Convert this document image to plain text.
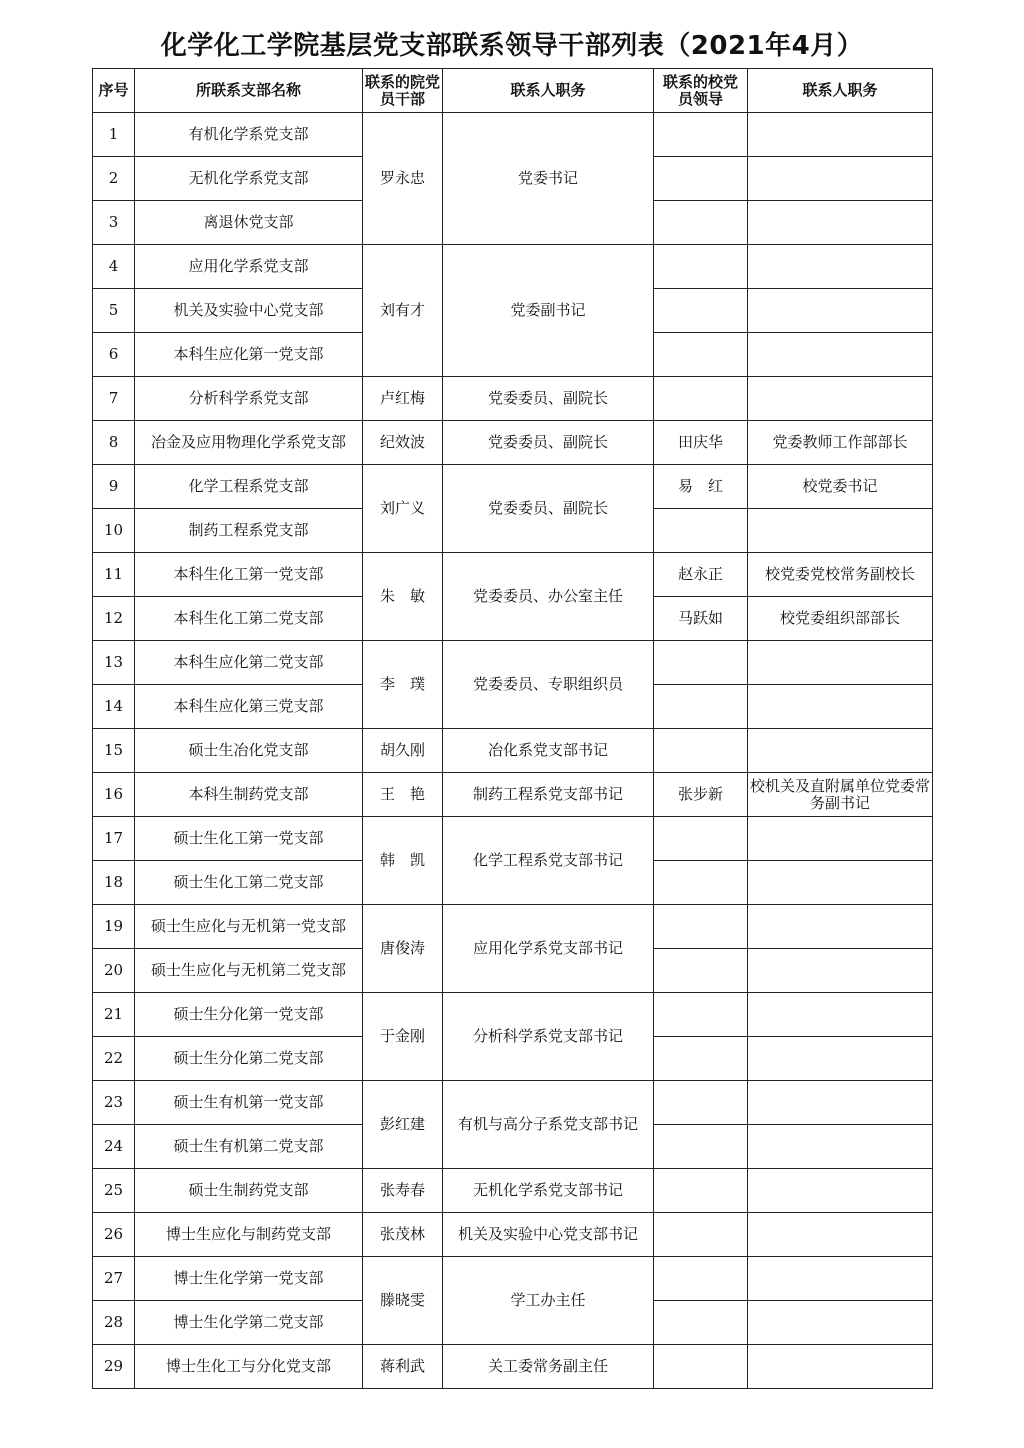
化学化工学院基层党支部联系领导干部列表（2021年4月）
序号	所联系支部名称	联系的院党员干部	联系人职务	联系的校党员领导	联系人职务
1	有机化学系党支部	罗永忠	党委书记		
2	无机化学系党支部				
3	离退休党支部				
4	应用化学系党支部	刘有才	党委副书记		
5	机关及实验中心党支部				
6	本科生应化第一党支部				
7	分析科学系党支部	卢红梅	党委委员、副院长		
8	冶金及应用物理化学系党支部	纪效波	党委委员、副院长	田庆华	党委教师工作部部长
9	化学工程系党支部	刘广义	党委委员、副院长	易　红	校党委书记
10	制药工程系党支部				
11	本科生化工第一党支部	朱　敏	党委委员、办公室主任	赵永正	校党委党校常务副校长
12	本科生化工第二党支部			马跃如	校党委组织部部长
13	本科生应化第二党支部	李　璞	党委委员、专职组织员		
14	本科生应化第三党支部				
15	硕士生冶化党支部	胡久刚	冶化系党支部书记		
16	本科生制药党支部	王　艳	制药工程系党支部书记	张步新	校机关及直附属单位党委常务副书记
17	硕士生化工第一党支部	韩　凯	化学工程系党支部书记		
18	硕士生化工第二党支部				
19	硕士生应化与无机第一党支部	唐俊涛	应用化学系党支部书记		
20	硕士生应化与无机第二党支部				
21	硕士生分化第一党支部	于金刚	分析科学系党支部书记		
22	硕士生分化第二党支部				
23	硕士生有机第一党支部	彭红建	有机与高分子系党支部书记		
24	硕士生有机第二党支部				
25	硕士生制药党支部	张寿春	无机化学系党支部书记		
26	博士生应化与制药党支部	张茂林	机关及实验中心党支部书记		
27	博士生化学第一党支部	滕晓雯	学工办主任		
28	博士生化学第二党支部				
29	博士生化工与分化党支部	蒋利武	关工委常务副主任		
